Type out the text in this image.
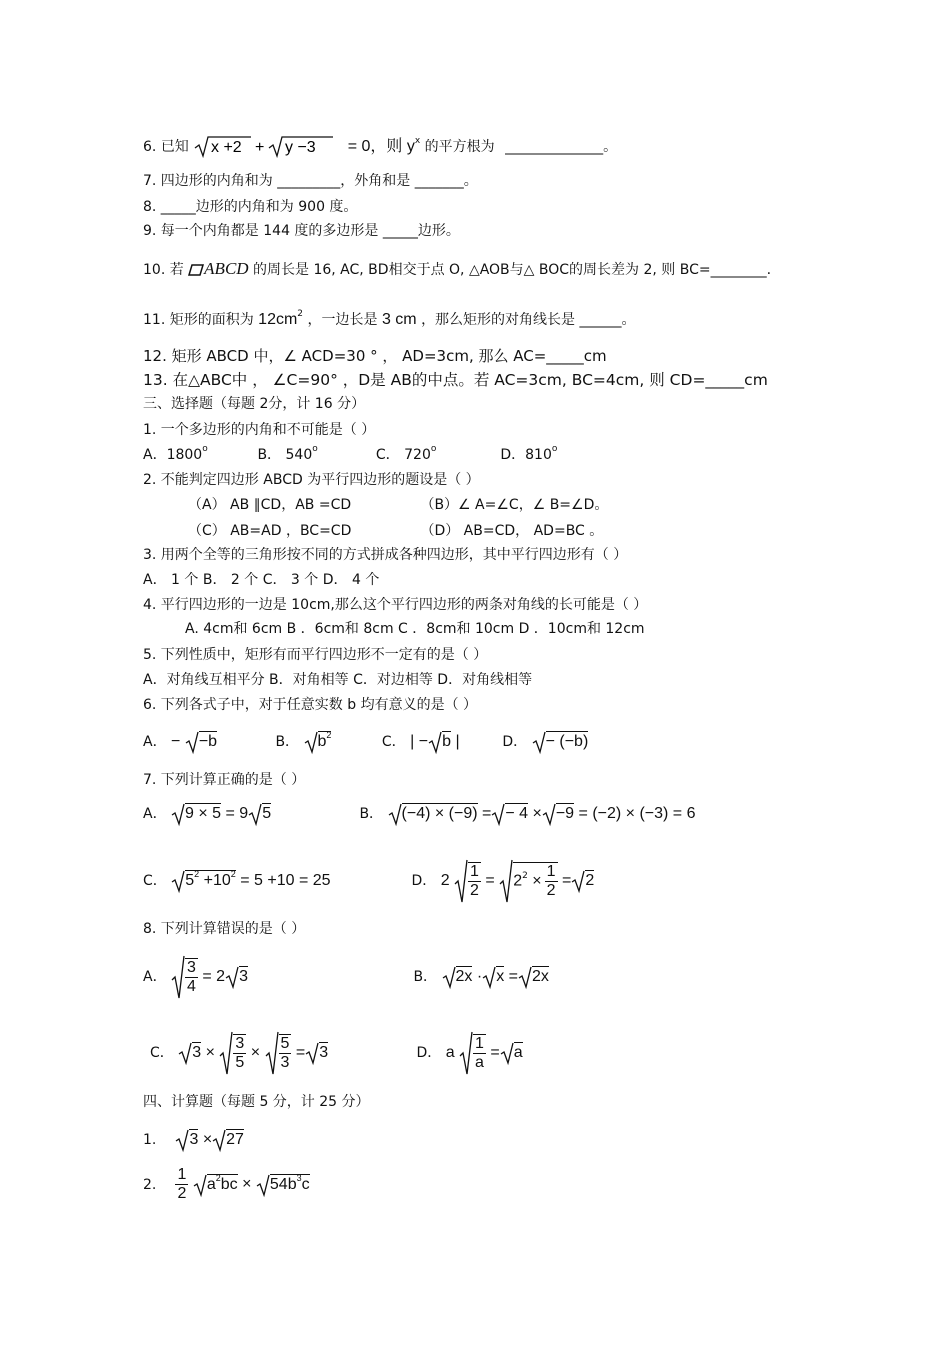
6. 已知 x +2 + y −3 = 0，则 $y^x$ 的平方根为 ______________。
7. 四边形的内角和为 _________，外角和是 _______。
8. _____边形的内角和为 900 度。
9. 每一个内角都是 144 度的多边形是 _____边形。
10. 若 ABCD 的周长是 16, AC, BD相交于点 O, △AOB与△ BOC的周长差为 2, 则 BC=________.
11. 矩形的面积为 $12cm^2$ ，一边长是 3 cm ，那么矩形的对角线长是 ______。
12. 矩形 ABCD 中，∠ ACD=30 ° ， AD=3cm, 那么 AC=_____cm
13. 在△ABC中 ， ∠C=90° ，D是 AB的中点。若 AC=3cm, BC=4cm, 则 CD=_____cm
三、选择题（每题 2分，计 16 分）
1. 一个多边形的内角和不可能是（ ）
A．1800$^o$	B． 540$^o$	C． 720$^o$	D．810$^o$
2. 不能判定四边形 ABCD 为平行四边形的题设是（ ）
（A） AB ∥CD，AB =CD	（B）∠ A=∠C，∠ B=∠D。
（C） AB=AD ，BC=CD	（D） AB=CD， AD=BC 。
3. 用两个全等的三角形按不同的方式拼成各种四边形，其中平行四边形有（ ）
A． 1 个 B． 2 个 C． 3 个 D． 4 个
4. 平行四边形的一边是 10cm,那么这个平行四边形的两条对角线的长可能是（ ）
A. 4cm和 6cm B ．6cm和 8cm C ．8cm和 10cm D ．10cm和 12cm
5. 下列性质中，矩形有而平行四边形不一定有的是（ ）
A．对角线互相平分 B．对角相等 C．对边相等 D．对角线相等
6. 下列各式子中，对于任意实数 b 均有意义的是（ ）
A． − −b	B． $b^2$	C． | − b |	D． − (−b)
7. 下列计算正确的是（ ）
A． 9 × 5 = 9 5	B． (−4) × (−9) = − 4 × −9 = (−2) × (−3) = 6
C． $5^2 +10^2 = 5 +10 = 25$	D． $2 \frac{1}{2} = 2^2 \times \frac{1}{2} = 2$
8. 下列计算错误的是（ ）
A． $\frac{3}{4} = 2$ 3	B． 2x · x = 2x
C． $3 \times \frac{3}{5} \times \frac{5}{3} = 3$	D． a $\frac{1}{a} = a$
四、计算题（每题 5 分，计 25 分）
1. 3 × 27
2. $\frac{1}{2} a^2bc \times 54b^3c$
